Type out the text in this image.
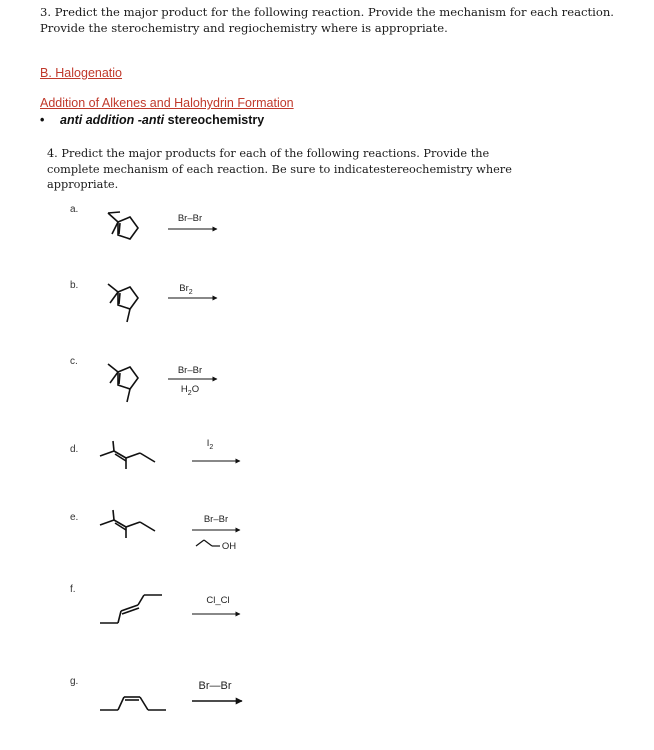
3. Predict the major product for the following reaction. Provide the mechanism for each reaction.
Provide the sterochemistry and regiochemistry where is appropriate.
B. Halogenatio
Addition of Alkenes and Halohydrin Formation
• anti addition -anti stereochemistry
4. Predict the major products for each of the following reactions. Provide the
complete mechanism of each reaction. Be sure to indicatestereochemistry where
appropriate.
a.
b.
c.
d.
e.
f.
g.
Br–Br
$Br_2$
Br–Br
$H_2O$
$I_2$
Br–Br
OH
Cl_Cl
Br—Br
